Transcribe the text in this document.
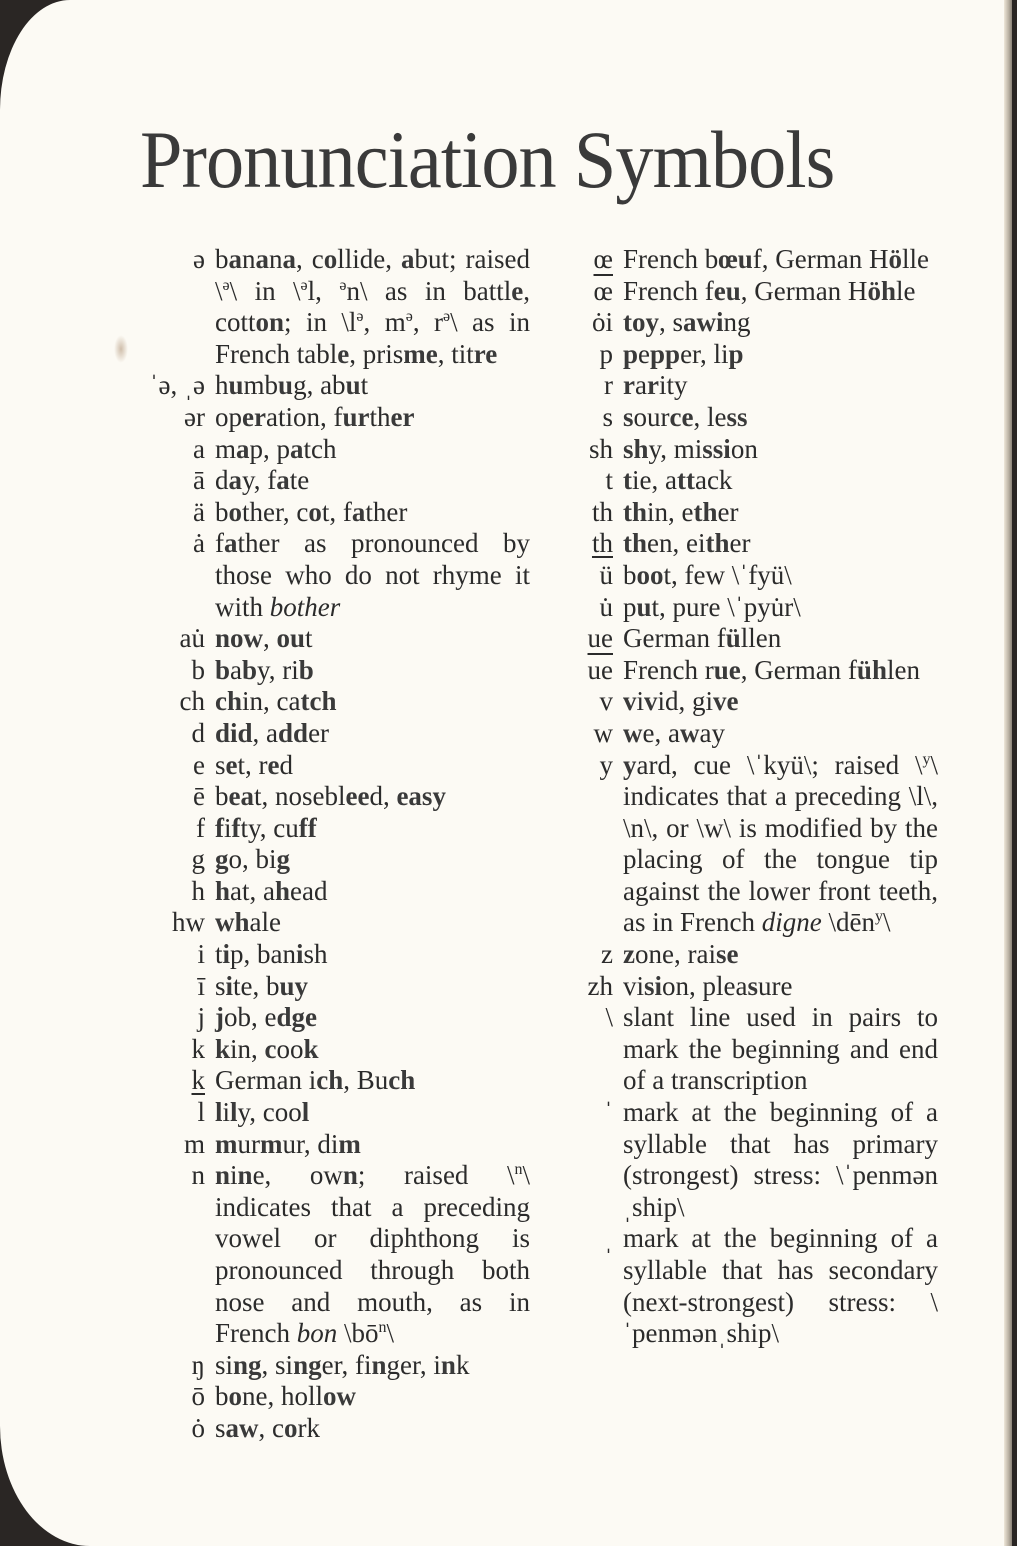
Pronunciation Symbols
ə banana, collide, abut; raised \$^ə$\ in \$^ə$l, $^ə$n\ as in battle, cotton; in $\backslash l^ə$, $m^ə$, $r^ə\backslash$ as in French table, prisme, titre
ˈə, ˌə humbug, abut
ər operation, further
a map, patch
ā day, fate
ä bother, cot, father
ȧ father as pronounced by those who do not rhyme it with bother
au̇ now, out
b baby, rib
ch chin, catch
d did, adder
e set, red
ē beat, nosebleed, easy
f fifty, cuff
g go, big
h hat, ahead
hw whale
i tip, banish
ī site, buy
j job, edge
k kin, cook
k German ich, Buch
l lily, cool
m murmur, dim
n nine, own; raised \$^n$\ indicates that a preceding vowel or diphthong is pronounced through both nose and mouth, as in French bon $\backslash bō^n\backslash$
ŋ sing, singer, finger, ink
ō bone, hollow
ȯ saw, cork
œ French bœuf, German Hölle
$\overline{œ}$ French feu, German Höhle
ȯi toy, sawing
p pepper, lip
r rarity
s source, less
sh shy, mission
t tie, attack
th thin, ether
th then, either
ü boot, few \ˈfyü\
u̇ put, pure \ˈpyu̇r\
ue German füllen
$\overline{ue}$ French rue, German fühlen
v vivid, give
w we, away
y yard, cue \ˈkyü\; raised \$^y$\ indicates that a preceding \l\, \n\, or \w\ is modified by the placing of the tongue tip against the lower front teeth, as in French digne \dēn$^y$\
z zone, raise
zh vision, pleasure
\ slant line used in pairs to mark the beginning and end of a transcription
ˈ mark at the beginning of a syllable that has primary (strongest) stress: \ˈpenmənˌship\
ˌ mark at the beginning of a syllable that has secondary (next-strongest) stress: \ˈpenmənˌship\
